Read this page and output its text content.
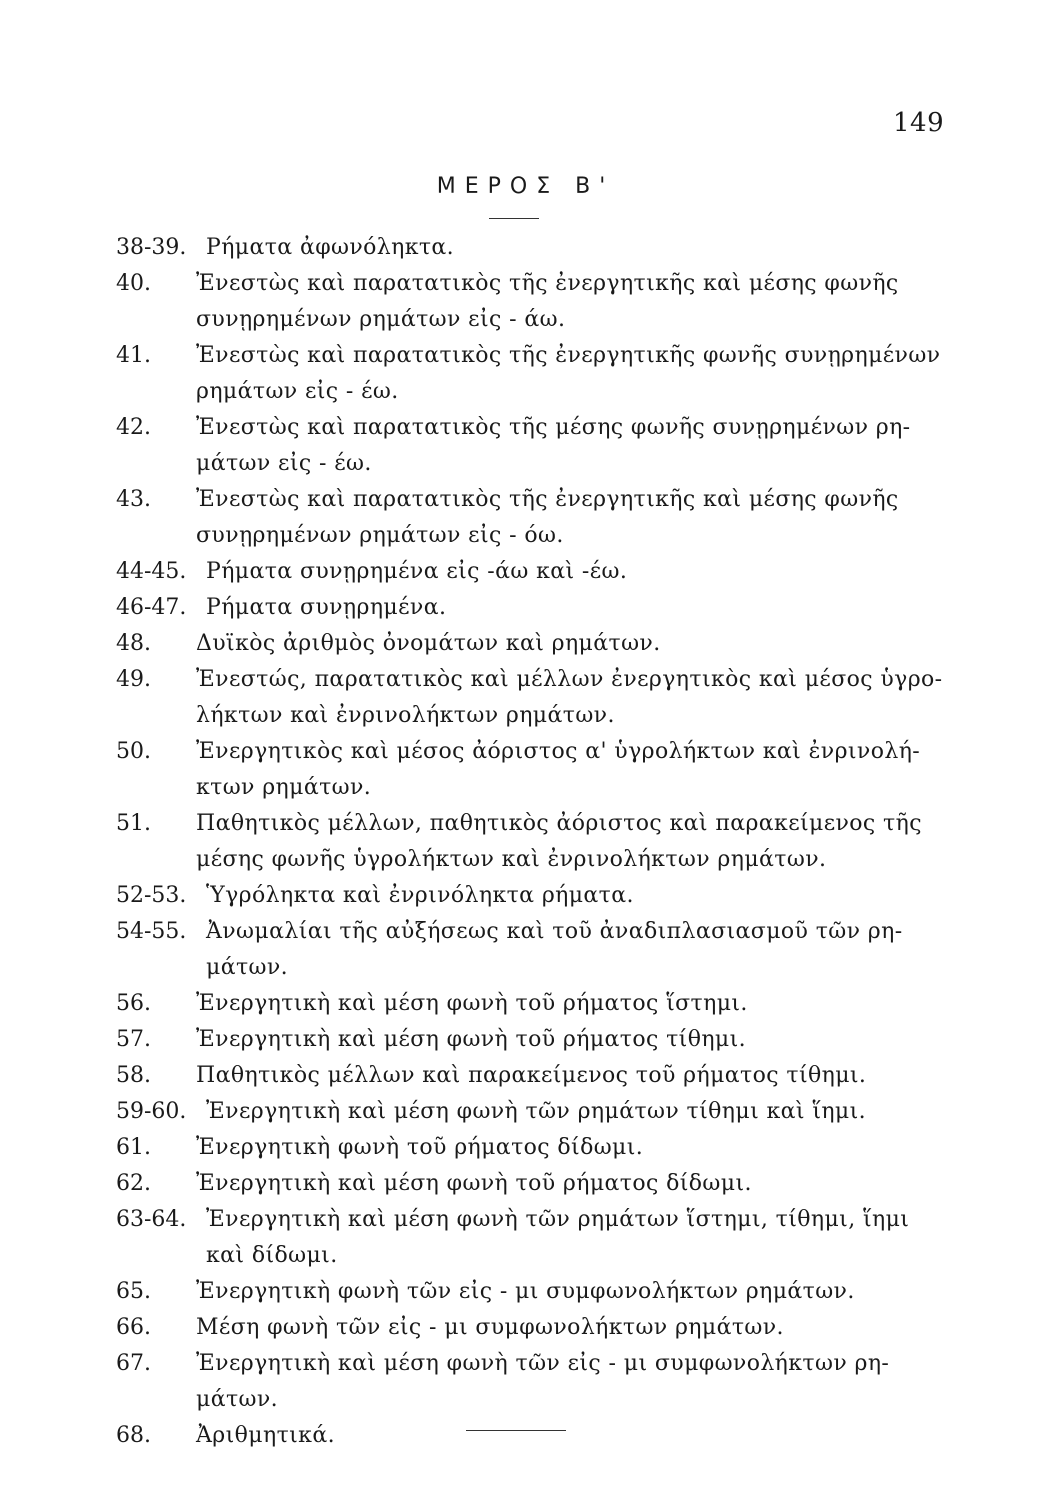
149
ΜΕΡΟΣ Β'
38-39. Ρήματα ἀφωνόληκτα.
40. Ἐνεστὼς καὶ παρατατικὸς τῆς ἐνεργητικῆς καὶ μέσης φωνῆς
συνῃρημένων ρημάτων εἰς - άω.
41. Ἐνεστὼς καὶ παρατατικὸς τῆς ἐνεργητικῆς φωνῆς συνῃρημένων
ρημάτων εἰς - έω.
42. Ἐνεστὼς καὶ παρατατικὸς τῆς μέσης φωνῆς συνῃρημένων ρη-
μάτων εἰς - έω.
43. Ἐνεστὼς καὶ παρατατικὸς τῆς ἐνεργητικῆς καὶ μέσης φωνῆς
συνῃρημένων ρημάτων εἰς - όω.
44-45. Ρήματα συνῃρημένα εἰς -άω καὶ -έω.
46-47. Ρήματα συνῃρημένα.
48. Δυϊκὸς ἀριθμὸς ὀνομάτων καὶ ρημάτων.
49. Ἐνεστώς, παρατατικὸς καὶ μέλλων ἐνεργητικὸς καὶ μέσος ὑγρο-
λήκτων καὶ ἐνρινολήκτων ρημάτων.
50. Ἐνεργητικὸς καὶ μέσος ἀόριστος α' ὑγρολήκτων καὶ ἐνρινολή-
κτων ρημάτων.
51. Παθητικὸς μέλλων, παθητικὸς ἀόριστος καὶ παρακείμενος τῆς
μέσης φωνῆς ὑγρολήκτων καὶ ἐνρινολήκτων ρημάτων.
52-53. Ὑγρόληκτα καὶ ἐνρινόληκτα ρήματα.
54-55. Ἀνωμαλίαι τῆς αὐξήσεως καὶ τοῦ ἀναδιπλασιασμοῦ τῶν ρη-
μάτων.
56. Ἐνεργητικὴ καὶ μέση φωνὴ τοῦ ρήματος ἵστημι.
57. Ἐνεργητικὴ καὶ μέση φωνὴ τοῦ ρήματος τίθημι.
58. Παθητικὸς μέλλων καὶ παρακείμενος τοῦ ρήματος τίθημι.
59-60. Ἐνεργητικὴ καὶ μέση φωνὴ τῶν ρημάτων τίθημι καὶ ἵημι.
61. Ἐνεργητικὴ φωνὴ τοῦ ρήματος δίδωμι.
62. Ἐνεργητικὴ καὶ μέση φωνὴ τοῦ ρήματος δίδωμι.
63-64. Ἐνεργητικὴ καὶ μέση φωνὴ τῶν ρημάτων ἵστημι, τίθημι, ἵημι
καὶ δίδωμι.
65. Ἐνεργητικὴ φωνὴ τῶν εἰς - μι συμφωνολήκτων ρημάτων.
66. Μέση φωνὴ τῶν εἰς - μι συμφωνολήκτων ρημάτων.
67. Ἐνεργητικὴ καὶ μέση φωνὴ τῶν εἰς - μι συμφωνολήκτων ρη-
μάτων.
68. Ἀριθμητικά.
